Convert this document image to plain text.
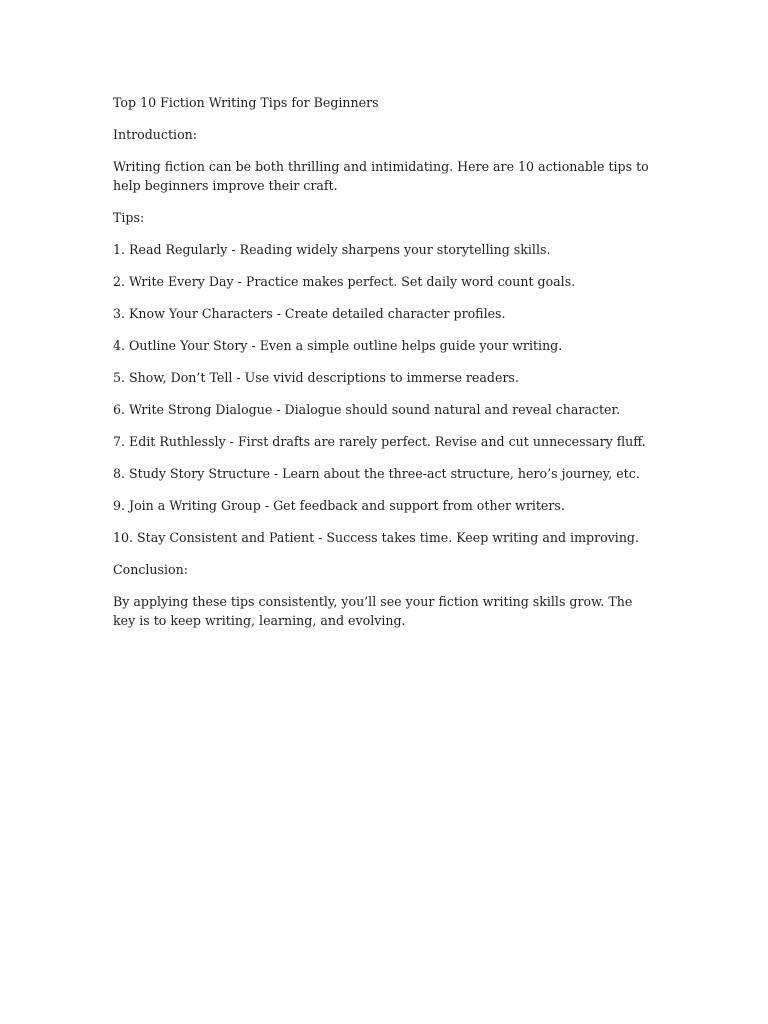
Top 10 Fiction Writing Tips for Beginners

Introduction:

Writing fiction can be both thrilling and intimidating. Here are 10 actionable tips to help beginners improve their craft.

Tips:

1. Read Regularly - Reading widely sharpens your storytelling skills.
2. Write Every Day - Practice makes perfect. Set daily word count goals.
3. Know Your Characters - Create detailed character profiles.
4. Outline Your Story - Even a simple outline helps guide your writing.
5. Show, Don’t Tell - Use vivid descriptions to immerse readers.
6. Write Strong Dialogue - Dialogue should sound natural and reveal character.
7. Edit Ruthlessly - First drafts are rarely perfect. Revise and cut unnecessary fluff.
8. Study Story Structure - Learn about the three-act structure, hero’s journey, etc.
9. Join a Writing Group - Get feedback and support from other writers.
10. Stay Consistent and Patient - Success takes time. Keep writing and improving.

Conclusion:

By applying these tips consistently, you’ll see your fiction writing skills grow. The key is to keep writing, learning, and evolving.
